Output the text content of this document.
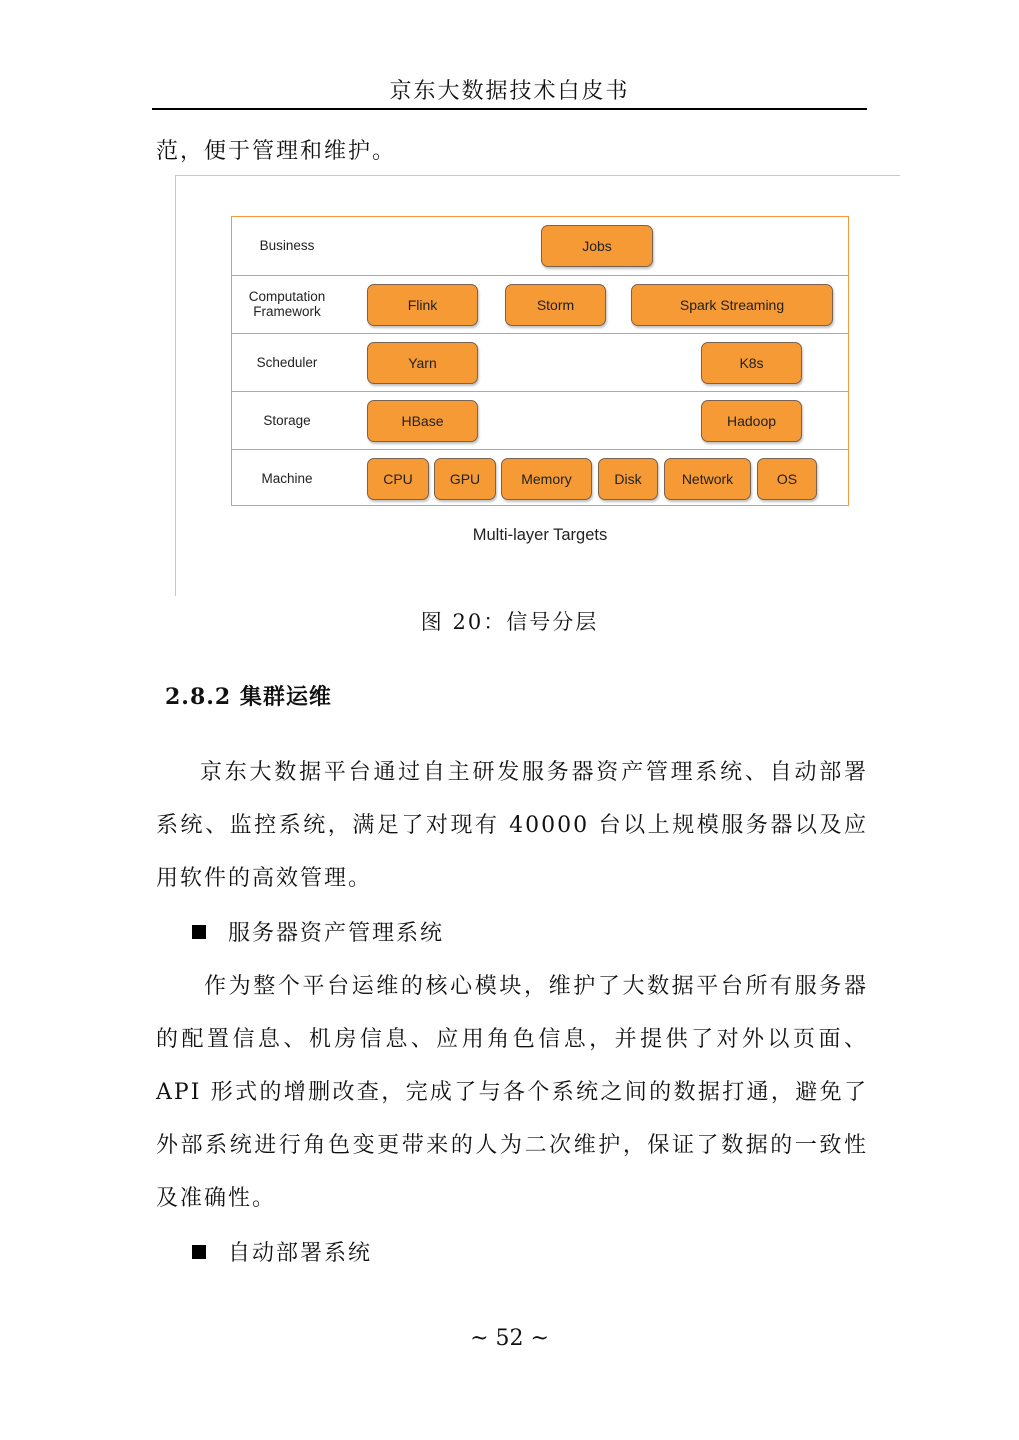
京东大数据技术白皮书
范，便于管理和维护。
Business	Jobs
Computation
Framework	Flink	Storm	Spark Streaming
Scheduler	Yarn	K8s
Storage	HBase	Hadoop
Machine	CPU	GPU	Memory	Disk	Network	OS
Multi-layer Targets
图 20：信号分层
2.8.2 集群运维
京东大数据平台通过自主研发服务器资产管理系统、自动部署系统、监控系统，满足了对现有 40000 台以上规模服务器以及应用软件的高效管理。
服务器资产管理系统
作为整个平台运维的核心模块，维护了大数据平台所有服务器的配置信息、机房信息、应用角色信息，并提供了对外以页面、API 形式的增删改查，完成了与各个系统之间的数据打通，避免了外部系统进行角色变更带来的人为二次维护，保证了数据的一致性及准确性。
自动部署系统
~ 52 ~
